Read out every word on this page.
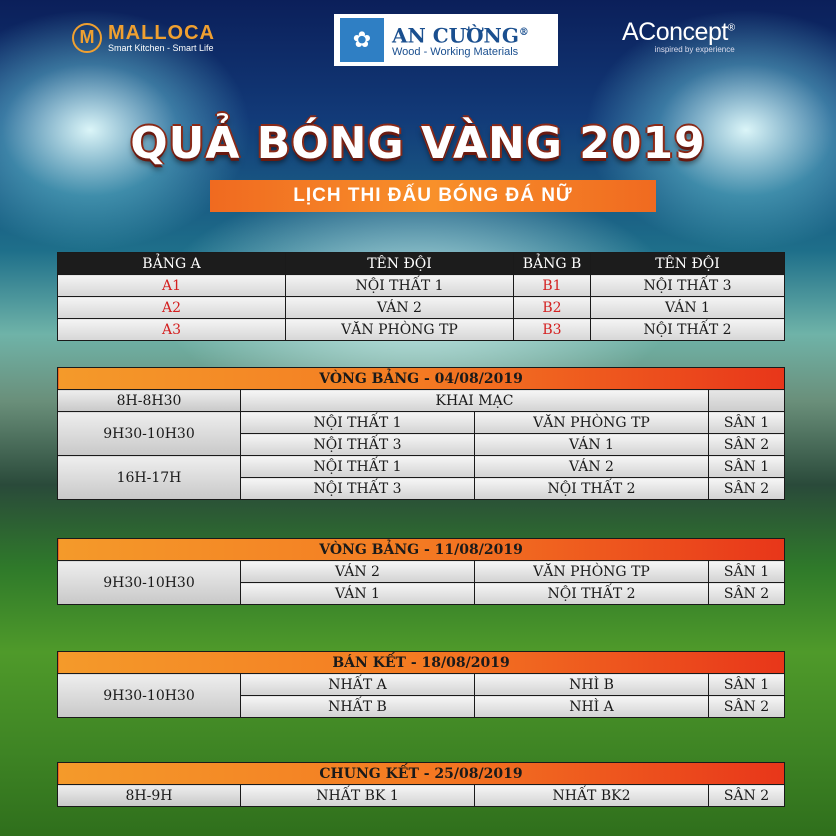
M MALLOCA
Smart Kitchen - Smart Life	✿	AN CƯỜNG®
Wood - Working Materials
AConcept®
inspired by experience
QUẢ BÓNG VÀNG 2019
LỊCH THI ĐẤU BÓNG ĐÁ NỮ
BẢNG A	TÊN ĐỘI	BẢNG B	TÊN ĐỘI
A1	NỘI THẤT 1	B1	NỘI THẤT 3
A2	VÁN 2	B2	VÁN 1
A3	VĂN PHÒNG TP	B3	NỘI THẤT 2
VÒNG BẢNG - 04/08/2019			
8H-8H30	KHAI MẠC		
9H30-10H30	NỘI THẤT 1	VĂN PHÒNG TP	SÂN 1
	NỘI THẤT 3	VÁN 1	SÂN 2
16H-17H	NỘI THẤT 1	VÁN 2	SÂN 1
	NỘI THẤT 3	NỘI THẤT 2	SÂN 2
VÒNG BẢNG - 11/08/2019			
9H30-10H30	VÁN 2	VĂN PHÒNG TP	SÂN 1
	VÁN 1	NỘI THẤT 2	SÂN 2
BÁN KẾT - 18/08/2019			
9H30-10H30	NHẤT A	NHÌ B	SÂN 1
	NHẤT B	NHÌ A	SÂN 2
CHUNG KẾT - 25/08/2019
8H-9H	NHẤT BK 1	NHẤT BK2	SÂN 2
